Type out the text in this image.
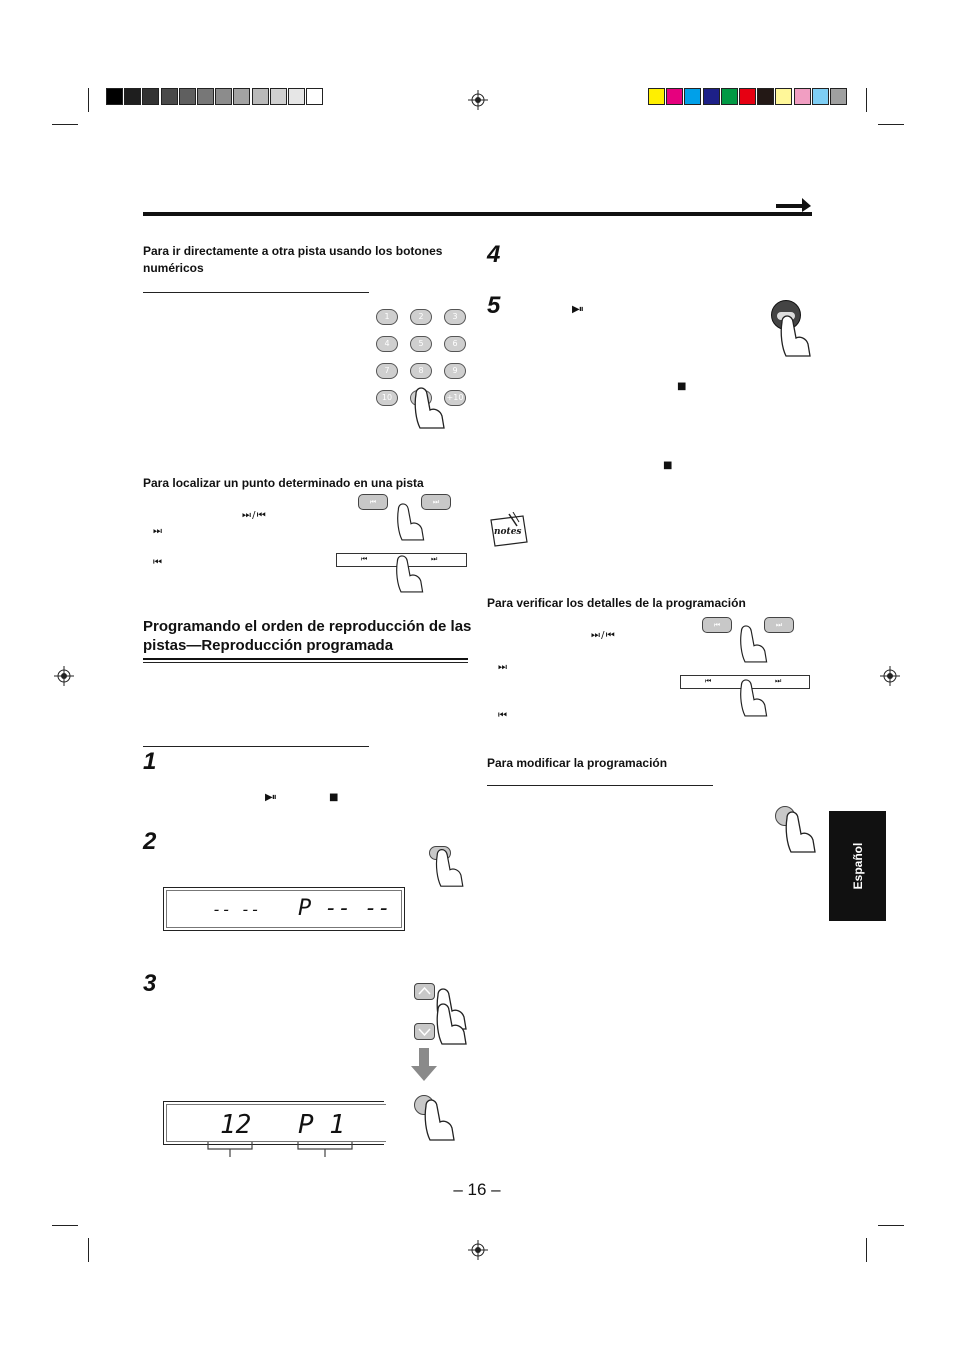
Para ir directamente a otra pista usando los botones numéricos
1	2	3
4	5	6
7	8	9
10	+10
Para localizar un punto determinado en una pista
⏭ / ⏮
⏭
⏮
⏮	⏭
⏮	⏭
Programando el orden de reproducción de las
pistas—Reproducción programada
1
▶⏸	■
2
-- -- P -- --
3
12 P 1
4
5	▶⏸
■
■
notes
Para verificar los detalles de la programación
⏭ / ⏮
⏭
⏮
⏮	⏭
⏮	⏭
Para modificar la programación
Español
– 16 –
